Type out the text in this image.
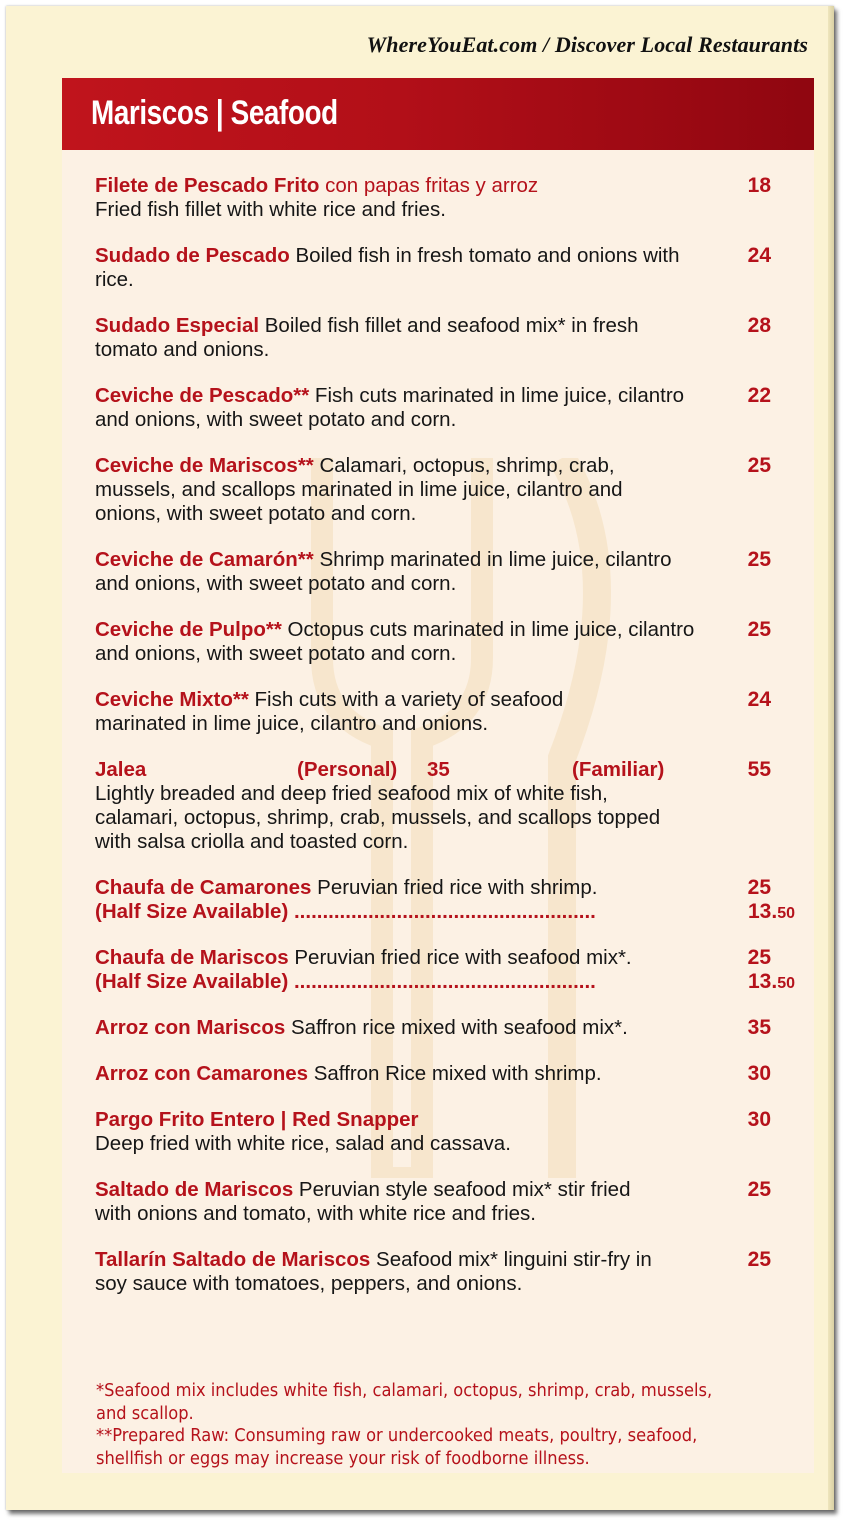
WhereYouEat.com / Discover Local Restaurants
Mariscos | Seafood
Filete de Pescado Frito con papas fritas y arroz
Fried fish fillet with white rice and fries.
18
Sudado de Pescado Boiled fish in fresh tomato and onions with rice.
24
Sudado Especial Boiled fish fillet and seafood mix* in fresh tomato and onions.
28
Ceviche de Pescado** Fish cuts marinated in lime juice, cilantro and onions, with sweet potato and corn.
22
Ceviche de Mariscos** Calamari, octopus, shrimp, crab, mussels, and scallops marinated in lime juice, cilantro and onions, with sweet potato and corn.
25
Ceviche de Camarón** Shrimp marinated in lime juice, cilantro and onions, with sweet potato and corn.
25
Ceviche de Pulpo** Octopus cuts marinated in lime juice, cilantro and onions, with sweet potato and corn.
25
Ceviche Mixto** Fish cuts with a variety of seafood marinated in lime juice, cilantro and onions.
24
Jalea	(Personal)	35	(Familiar)
Lightly breaded and deep fried seafood mix of white fish, calamari, octopus, shrimp, crab, mussels, and scallops topped with salsa criolla and toasted corn.
55
Chaufa de Camarones Peruvian fried rice with shrimp.
(Half Size Available) .....................................................
25
13.50
Chaufa de Mariscos Peruvian fried rice with seafood mix*.
(Half Size Available) .....................................................
25
13.50
Arroz con Mariscos Saffron rice mixed with seafood mix*.	35
Arroz con Camarones Saffron Rice mixed with shrimp.	30
Pargo Frito Entero | Red Snapper
Deep fried with white rice, salad and cassava.
30
Saltado de Mariscos Peruvian style seafood mix* stir fried with onions and tomato, with white rice and fries.
25
Tallarín Saltado de Mariscos Seafood mix* linguini stir-fry in soy sauce with tomatoes, peppers, and onions.
25
*Seafood mix includes white fish, calamari, octopus, shrimp, crab, mussels, and scallop.
**Prepared Raw: Consuming raw or undercooked meats, poultry, seafood, shellfish or eggs may increase your risk of foodborne illness.
